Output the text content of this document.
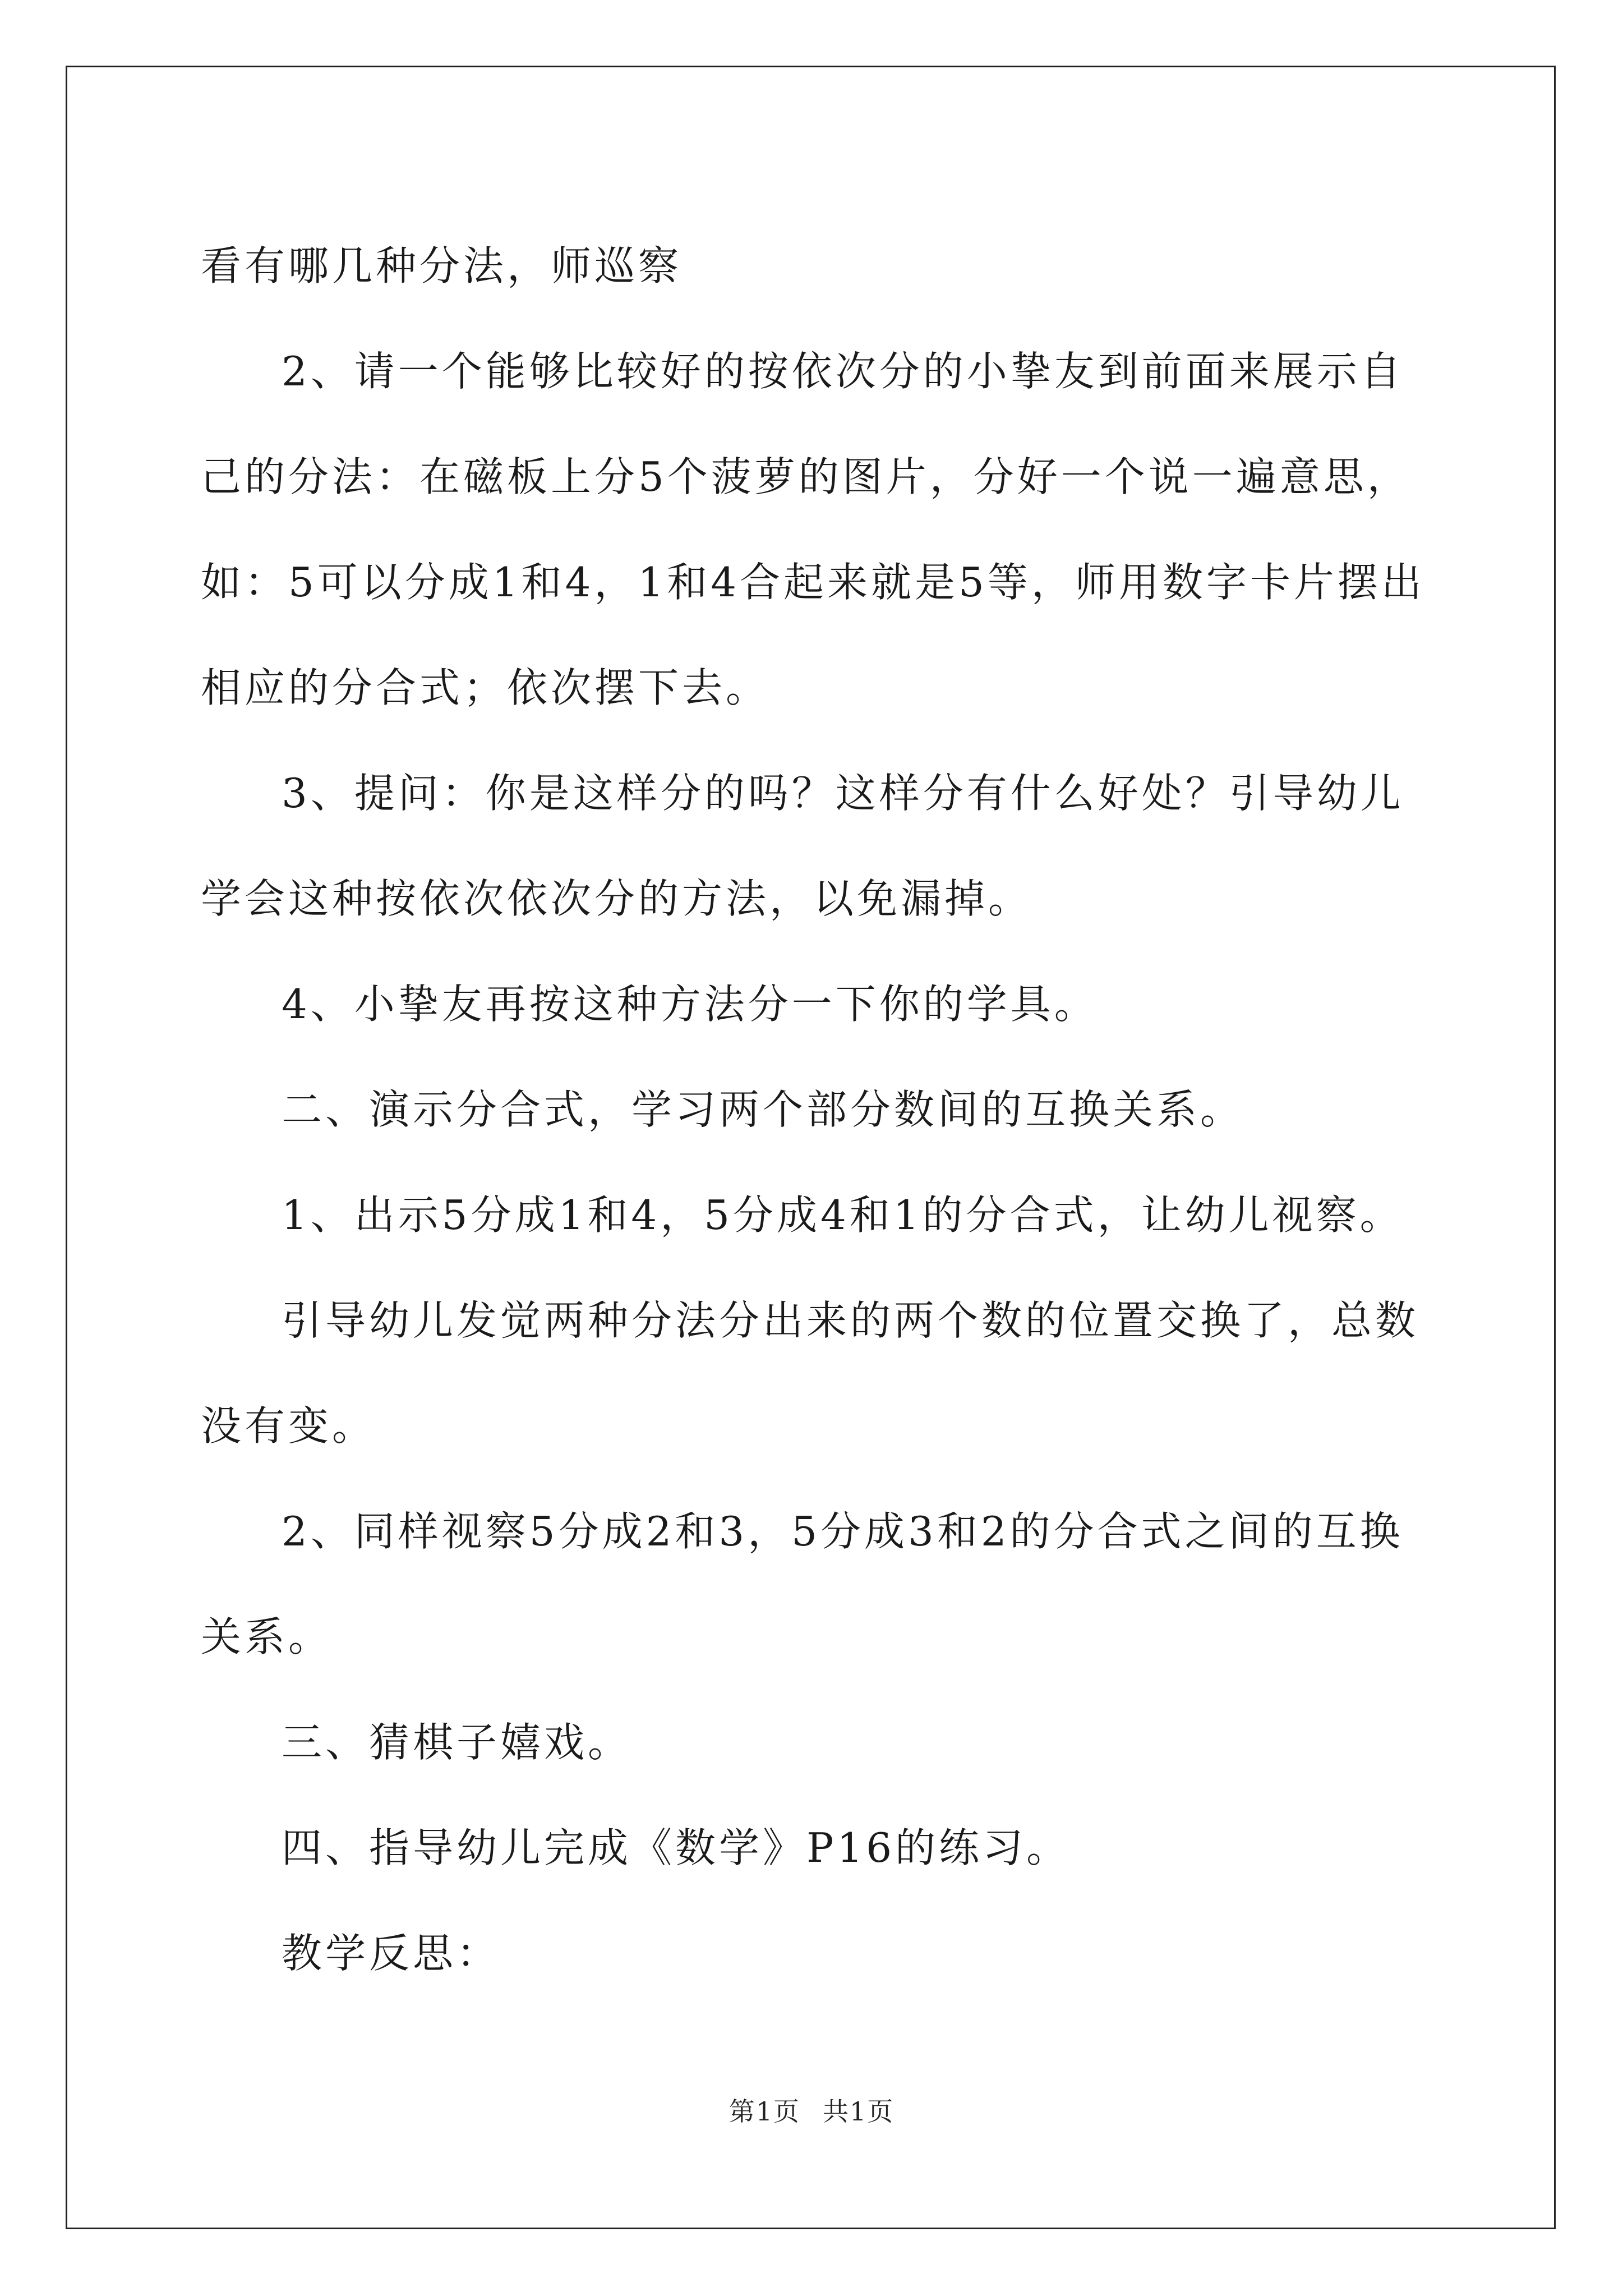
看有哪几种分法，师巡察

2、请一个能够比较好的按依次分的小挚友到前面来展示自己的分法：在磁板上分5个菠萝的图片，分好一个说一遍意思，如：5可以分成1和4，1和4合起来就是5等，师用数字卡片摆出相应的分合式；依次摆下去。

3、提问：你是这样分的吗？这样分有什么好处？引导幼儿学会这种按依次依次分的方法，以免漏掉。

4、小挚友再按这种方法分一下你的学具。

二、演示分合式，学习两个部分数间的互换关系。

1、出示5分成1和4，5分成4和1的分合式，让幼儿视察。

引导幼儿发觉两种分法分出来的两个数的位置交换了，总数没有变。

2、同样视察5分成2和3，5分成3和2的分合式之间的互换关系。

三、猜棋子嬉戏。

四、指导幼儿完成《数学》P16的练习。

教学反思：

第1页 共1页
